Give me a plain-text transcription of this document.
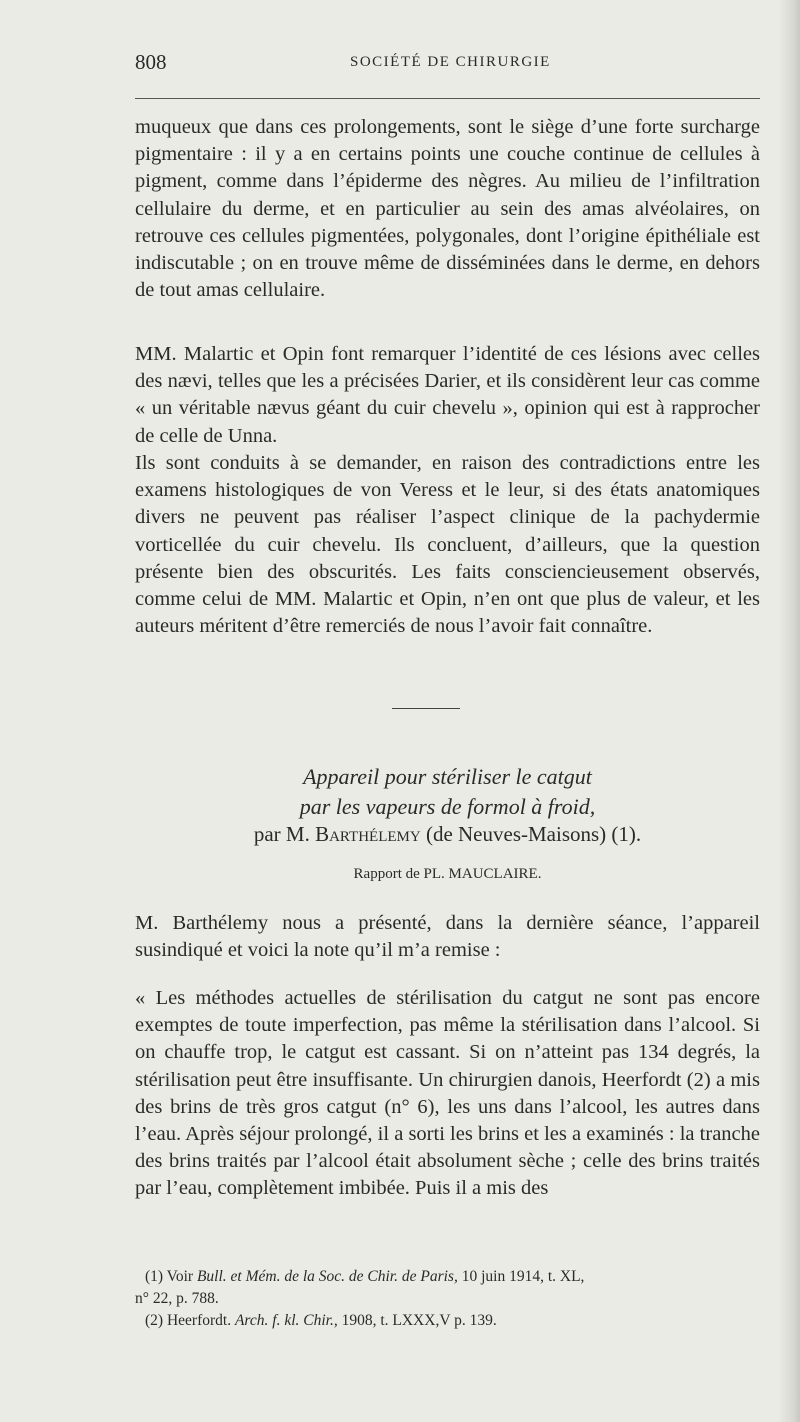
808	SOCIÉTÉ DE CHIRURGIE

muqueux que dans ces prolongements, sont le siège d’une forte surcharge pigmentaire : il y a en certains points une couche continue de cellules à pigment, comme dans l’épiderme des nègres. Au milieu de l’infiltration cellulaire du derme, et en particulier au sein des amas alvéolaires, on retrouve ces cellules pigmentées, polygonales, dont l’origine épithéliale est indiscutable ; on en trouve même de disséminées dans le derme, en dehors de tout amas cellulaire.

MM. Malartic et Opin font remarquer l’identité de ces lésions avec celles des nævi, telles que les a précisées Darier, et ils considèrent leur cas comme « un véritable nævus géant du cuir chevelu », opinion qui est à rapprocher de celle de Unna.

Ils sont conduits à se demander, en raison des contradictions entre les examens histologiques de von Veress et le leur, si des états anatomiques divers ne peuvent pas réaliser l’aspect clinique de la pachydermie vorticellée du cuir chevelu. Ils concluent, d’ailleurs, que la question présente bien des obscurités. Les faits consciencieusement observés, comme celui de MM. Malartic et Opin, n’en ont que plus de valeur, et les auteurs méritent d’être remerciés de nous l’avoir fait connaître.

Appareil pour stériliser le catgut
par les vapeurs de formol à froid,
par M. Barthélemy (de Neuves-Maisons) (1).
Rapport de PL. MAUCLAIRE.

M. Barthélemy nous a présenté, dans la dernière séance, l’appareil susindiqué et voici la note qu’il m’a remise :

« Les méthodes actuelles de stérilisation du catgut ne sont pas encore exemptes de toute imperfection, pas même la stérilisation dans l’alcool. Si on chauffe trop, le catgut est cassant. Si on n’atteint pas 134 degrés, la stérilisation peut être insuffisante. Un chirurgien danois, Heerfordt (2) a mis des brins de très gros catgut (n° 6), les uns dans l’alcool, les autres dans l’eau. Après séjour prolongé, il a sorti les brins et les a examinés : la tranche des brins traités par l’alcool était absolument sèche ; celle des brins traités par l’eau, complètement imbibée. Puis il a mis des

(1) Voir Bull. et Mém. de la Soc. de Chir. de Paris, 10 juin 1914, t. XL,

n° 22, p. 788.

(2) Heerfordt. Arch. f. kl. Chir., 1908, t. LXXX,V p. 139.
